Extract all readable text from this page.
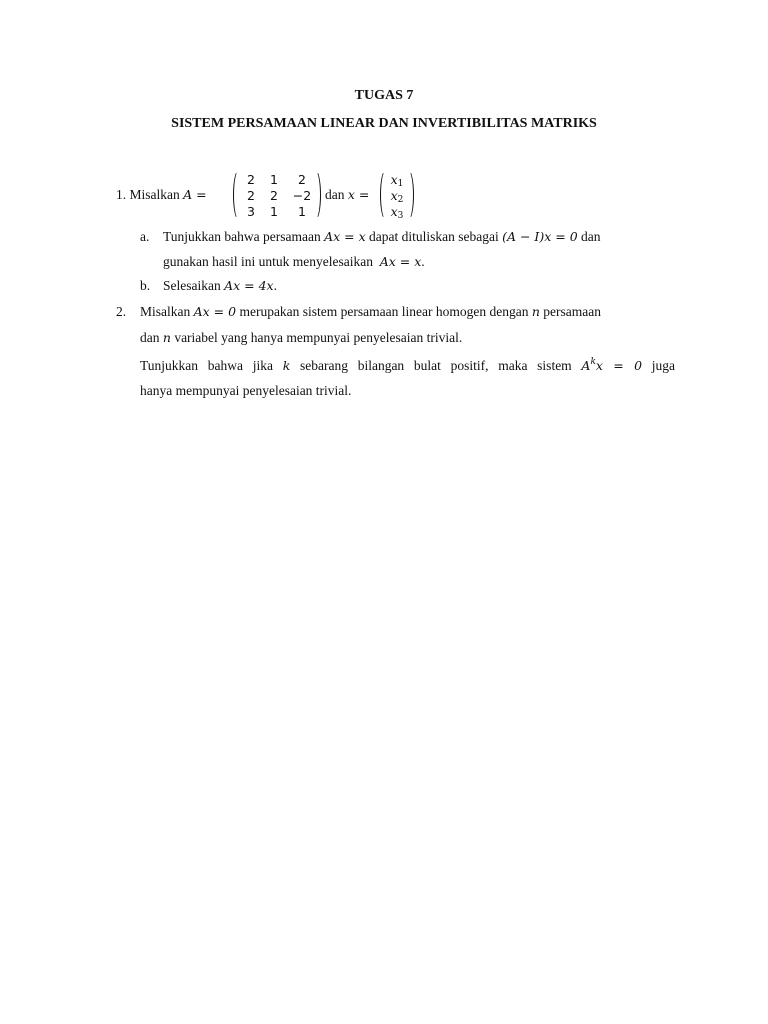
TUGAS 7
SISTEM PERSAMAAN LINEAR DAN INVERTIBILITAS MATRIKS
1. Misalkan A =
2	1	2
2	2	−2
3	1	1
dan x =
$x_1$
$x_2$
$x_3$
a. Tunjukkan bahwa persamaan Ax = x dapat dituliskan sebagai (A − I)x = 0 dan
gunakan hasil ini untuk menyelesaikan Ax = x.
b. Selesaikan Ax = 4x.
2. Misalkan Ax = 0 merupakan sistem persamaan linear homogen dengan n persamaan
dan n variabel yang hanya mempunyai penyelesaian trivial.
Tunjukkan bahwa jika k sebarang bilangan bulat positif, maka sistem $A^kx = 0$ juga
hanya mempunyai penyelesaian trivial.
